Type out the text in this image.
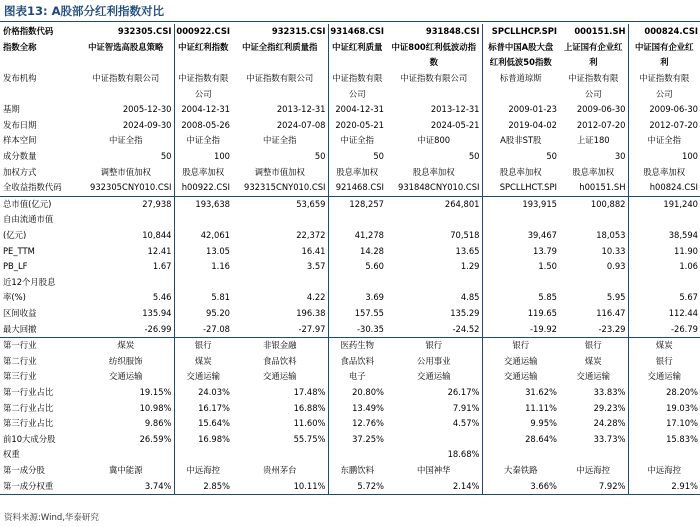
图表13: A股部分红利指数对比
价格指数代码	932305.CSI	000922.CSI	932315.CSI	931468.CSI	931848.CSI	SPCLLHCP.SPI	000151.SH	000824.CSI
指数全称	中证智选高股息策略	中证红利指数	中证全指红利质量指	中证红利质量	中证800红利低波动指	标普中国A股大盘	上证国有企业红	中证国有企业红
					数	红利低波50指数	利	利
发布机构	中证指数有限公司	中证指数有限	中证指数有限公司	中证指数有限	中证指数有限公司	标普道琼斯	中证指数有限	中证指数有限
		公司		公司			公司	公司
基期	2005-12-30	2004-12-31	2013-12-31	2004-12-31	2013-12-31	2009-01-23	2009-06-30	2009-06-30
发布日期	2024-09-30	2008-05-26	2024-07-08	2020-05-21	2024-05-21	2019-04-02	2012-07-20	2012-07-20
样本空间	中证全指	中证全指	中证全指	中证全指	中证800	A股非ST股	上证180	中证全指
成分数量	50	100	50	50	50	50	30	100
加权方式	调整市值加权	股息率加权	调整市值加权	股息率加权	股息率加权	股息率加权	股息率加权	股息率加权
全收益指数代码	932305CNY010.CSI	h00922.CSI	932315CNY010.CSI	921468.CSI	931848CNY010.CSI	SPCLLHCT.SPI	h00151.SH	h00824.CSI
总市值(亿元)	27,938	193,638	53,659	128,257	264,801	193,915	100,882	191,240
自由流通市值								
(亿元)	10,844	42,061	22,372	41,278	70,518	39,467	18,053	38,594
PE_TTM	12.41	13.05	16.41	14.28	13.65	13.79	10.33	11.90
PB_LF	1.67	1.16	3.57	5.60	1.29	1.50	0.93	1.06
近12个月股息								
率(%)	5.46	5.81	4.22	3.69	4.85	5.85	5.95	5.67
区间收益	135.94	95.20	196.38	157.55	135.29	119.65	116.47	112.44
最大回撤	-26.99	-27.08	-27.97	-30.35	-24.52	-19.92	-23.29	-26.79
第一行业	煤炭	银行	非银金融	医药生物	银行	银行	银行	煤炭
第二行业	纺织服饰	煤炭	食品饮料	食品饮料	公用事业	交通运输	煤炭	银行
第三行业	交通运输	交通运输	交通运输	电子	交通运输	交通运输	交通运输	交通运输
第一行业占比	19.15%	24.03%	17.48%	20.80%	26.17%	31.62%	33.83%	28.20%
第二行业占比	10.98%	16.17%	16.88%	13.49%	7.91%	11.11%	29.23%	19.03%
第三行业占比	9.86%	15.64%	11.60%	12.76%	4.57%	9.95%	24.28%	17.10%
前10大成分股	26.59%	16.98%	55.75%	37.25%		28.64%	33.73%	15.83%
权重					18.68%			
第一成分股	冀中能源	中远海控	贵州茅台	东鹏饮料	中国神华	大秦铁路	中远海控	中远海控
第一成分权重	3.74%	2.85%	10.11%	5.72%	2.14%	3.66%	7.92%	2.91%
资料来源:Wind,华泰研究
